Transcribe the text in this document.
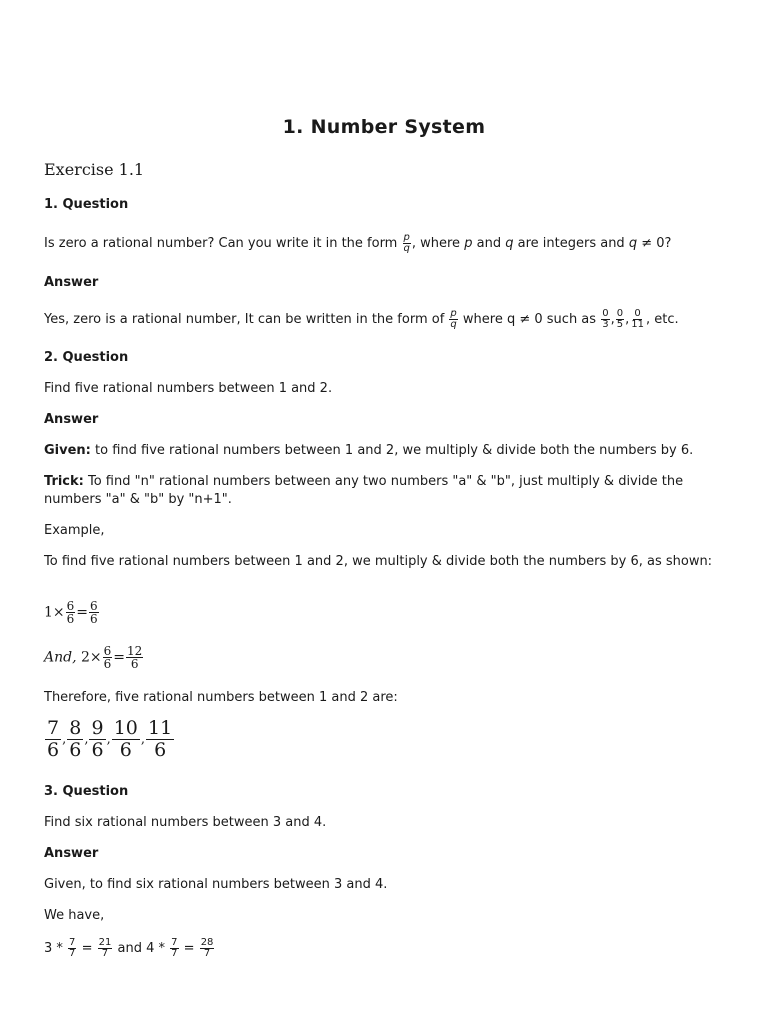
1. Number System
Exercise 1.1
1. Question
Is zero a rational number? Can you write it in the form $\frac{p}{q}$ , where p and q are integers and q ≠ 0?
Answer
Yes, zero is a rational number, It can be written in the form of $\frac{p}{q}$ where q ≠ 0 such as $\frac{0}{3}$ , $\frac{0}{5}$ , $\frac{0}{11}$ , etc.
2. Question
Find five rational numbers between 1 and 2.
Answer
Given: to find five rational numbers between 1 and 2, we multiply & divide both the numbers by 6.
Trick: To find "n" rational numbers between any two numbers "a" & "b", just multiply & divide the numbers "a" & "b" by "n+1".
Example,
To find five rational numbers between 1 and 2, we multiply & divide both the numbers by 6, as shown:
$1\times \frac{6}{6} = \frac{6}{6}$
And, $2\times \frac{6}{6} = \frac{12}{6}$
Therefore, five rational numbers between 1 and 2 are:
$\frac{7}{6}$ , $\frac{8}{6}$ , $\frac{9}{6}$ , $\frac{10}{6}$ , $\frac{11}{6}$
3. Question
Find six rational numbers between 3 and 4.
Answer
Given, to find six rational numbers between 3 and 4.
We have,
$3 * \frac{7}{7} = \frac{21}{7}$ and $4 * \frac{7}{7} = \frac{28}{7}$
